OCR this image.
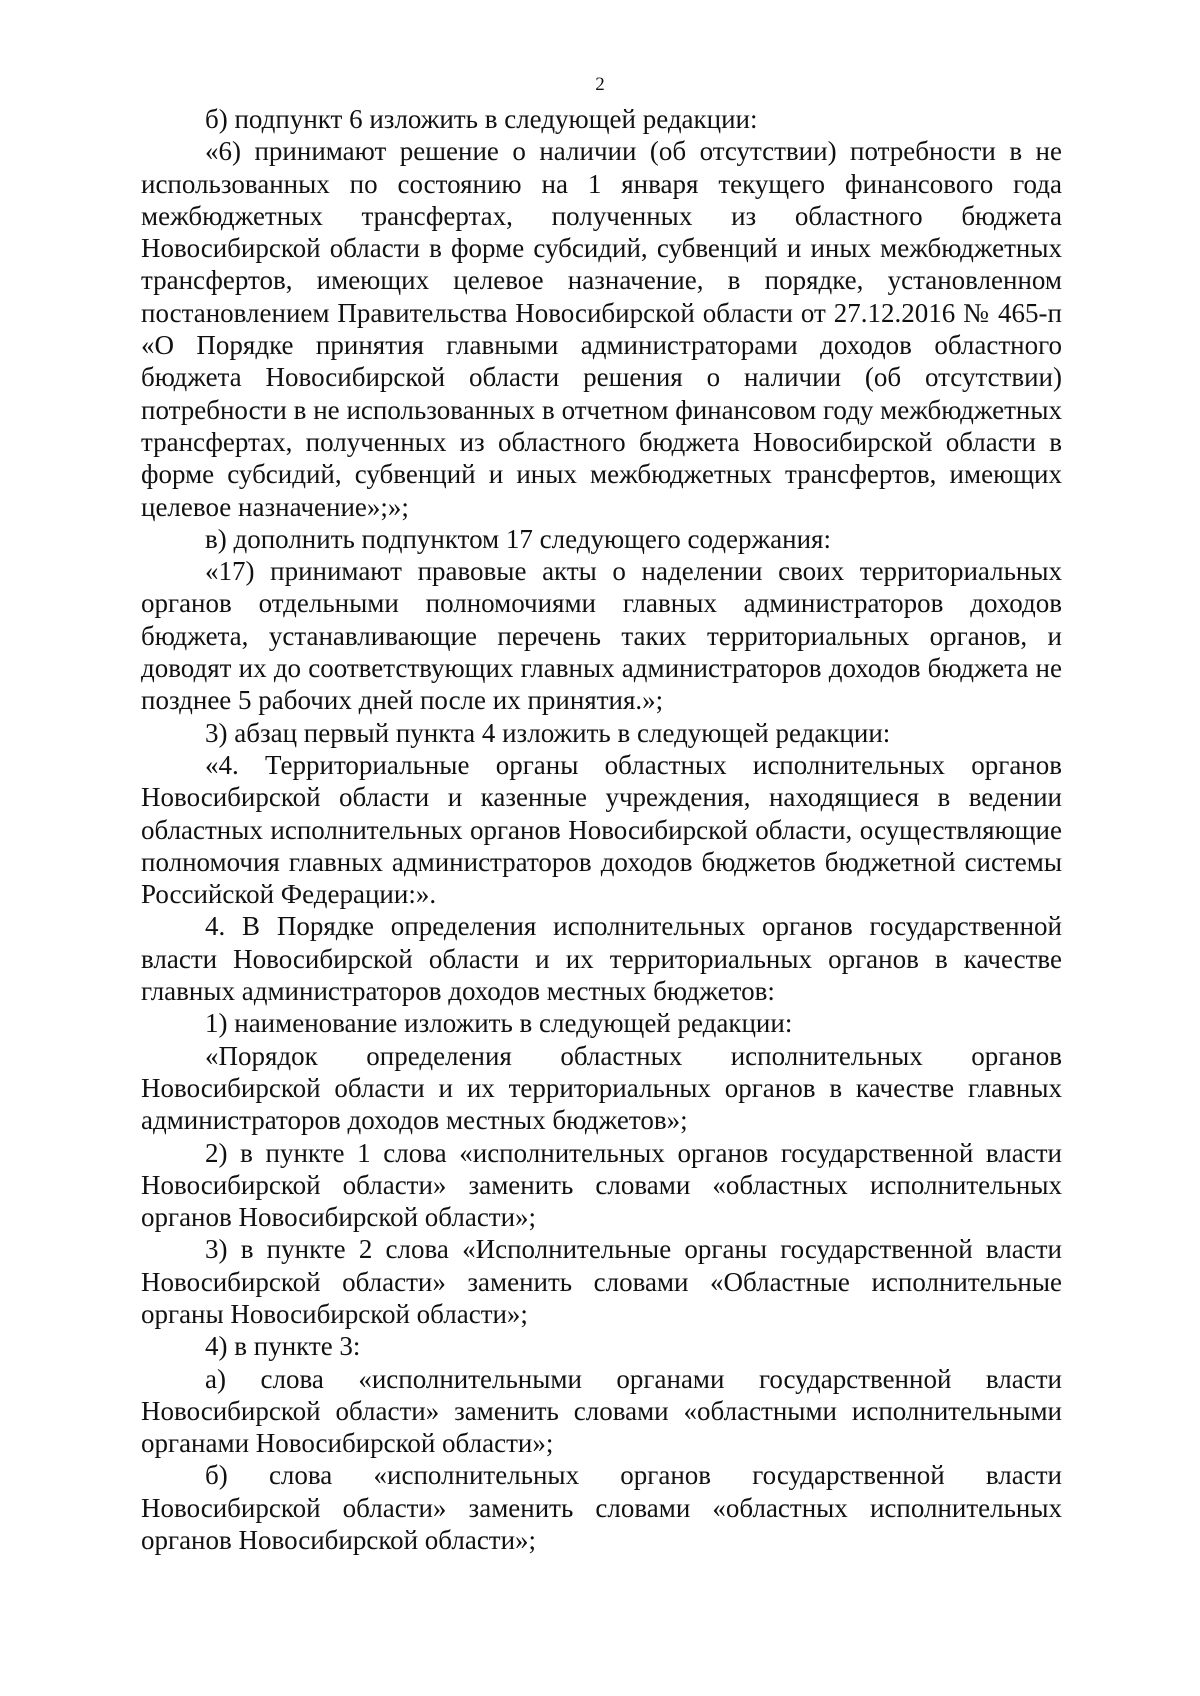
2

б) подпункт 6 изложить в следующей редакции:

«6) принимают решение о наличии (об отсутствии) потребности в не использованных по состоянию на 1 января текущего финансового года межбюджетных трансфертах, полученных из областного бюджета Новосибирской области в форме субсидий, субвенций и иных межбюджетных трансфертов, имеющих целевое назначение, в порядке, установленном постановлением Правительства Новосибирской области от 27.12.2016 № 465-п «О Порядке принятия главными администраторами доходов областного бюджета Новосибирской области решения о наличии (об отсутствии) потребности в не использованных в отчетном финансовом году межбюджетных трансфертах, полученных из областного бюджета Новосибирской области в форме субсидий, субвенций и иных межбюджетных трансфертов, имеющих целевое назначение»;»;

в) дополнить подпунктом 17 следующего содержания:

«17) принимают правовые акты о наделении своих территориальных органов отдельными полномочиями главных администраторов доходов бюджета, устанавливающие перечень таких территориальных органов, и доводят их до соответствующих главных администраторов доходов бюджета не позднее 5 рабочих дней после их принятия.»;

3) абзац первый пункта 4 изложить в следующей редакции:

«4. Территориальные органы областных исполнительных органов Новосибирской области и казенные учреждения, находящиеся в ведении областных исполнительных органов Новосибирской области, осуществляющие полномочия главных администраторов доходов бюджетов бюджетной системы Российской Федерации:».

4. В Порядке определения исполнительных органов государственной власти Новосибирской области и их территориальных органов в качестве главных администраторов доходов местных бюджетов:

1) наименование изложить в следующей редакции:

«Порядок определения областных исполнительных органов Новосибирской области и их территориальных органов в качестве главных администраторов доходов местных бюджетов»;

2) в пункте 1 слова «исполнительных органов государственной власти Новосибирской области» заменить словами «областных исполнительных органов Новосибирской области»;

3) в пункте 2 слова «Исполнительные органы государственной власти Новосибирской области» заменить словами «Областные исполнительные органы Новосибирской области»;

4) в пункте 3:

а) слова «исполнительными органами государственной власти Новосибирской области» заменить словами «областными исполнительными органами Новосибирской области»;

б) слова «исполнительных органов государственной власти Новосибирской области» заменить словами «областных исполнительных органов Новосибирской области»;
